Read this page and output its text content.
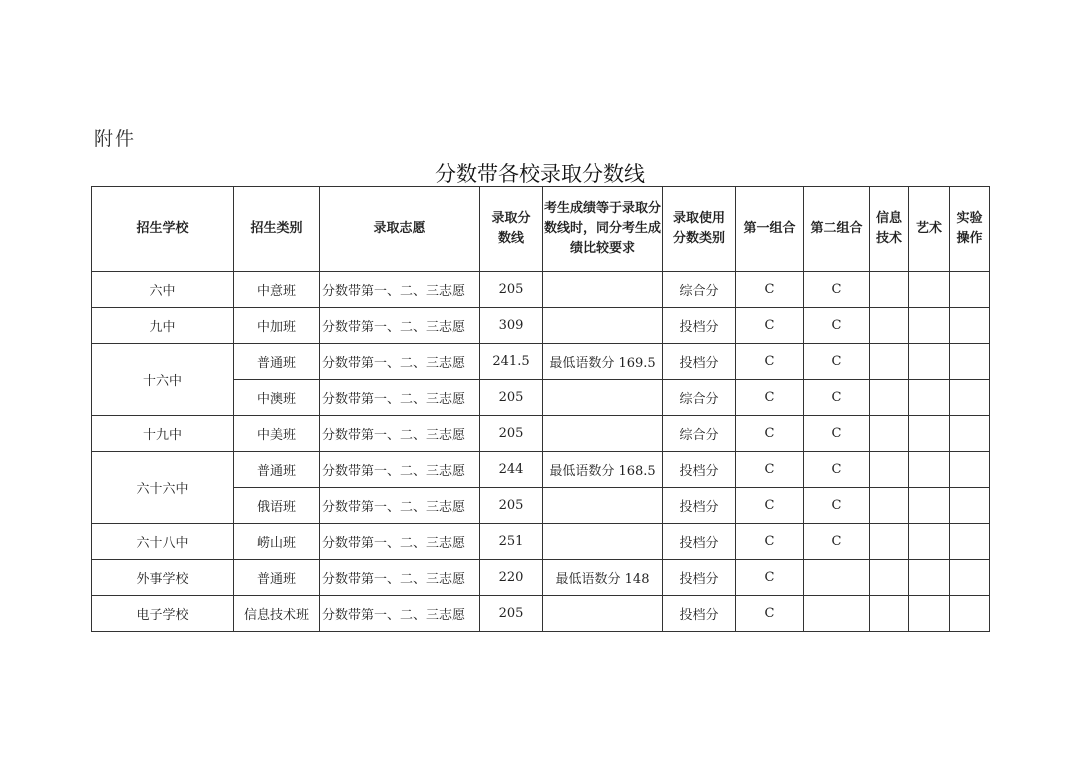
附件
分数带各校录取分数线
招生学校	招生类别	录取志愿	录取分数线	考生成绩等于录取分数线时，同分考生成绩比较要求	录取使用分数类别	第一组合	第二组合	信息技术	艺术	实验操作
六中	中意班	分数带第一、二、三志愿	205		综合分	C	C			
九中	中加班	分数带第一、二、三志愿	309		投档分	C	C			
十六中	普通班	分数带第一、二、三志愿	241.5	最低语数分 169.5	投档分	C	C			
	中澳班	分数带第一、二、三志愿	205		综合分	C	C			
十九中	中美班	分数带第一、二、三志愿	205		综合分	C	C			
六十六中	普通班	分数带第一、二、三志愿	244	最低语数分 168.5	投档分	C	C			
	俄语班	分数带第一、二、三志愿	205		投档分	C	C			
六十八中	崂山班	分数带第一、二、三志愿	251		投档分	C	C			
外事学校	普通班	分数带第一、二、三志愿	220	最低语数分 148	投档分	C				
电子学校	信息技术班	分数带第一、二、三志愿	205		投档分	C				
